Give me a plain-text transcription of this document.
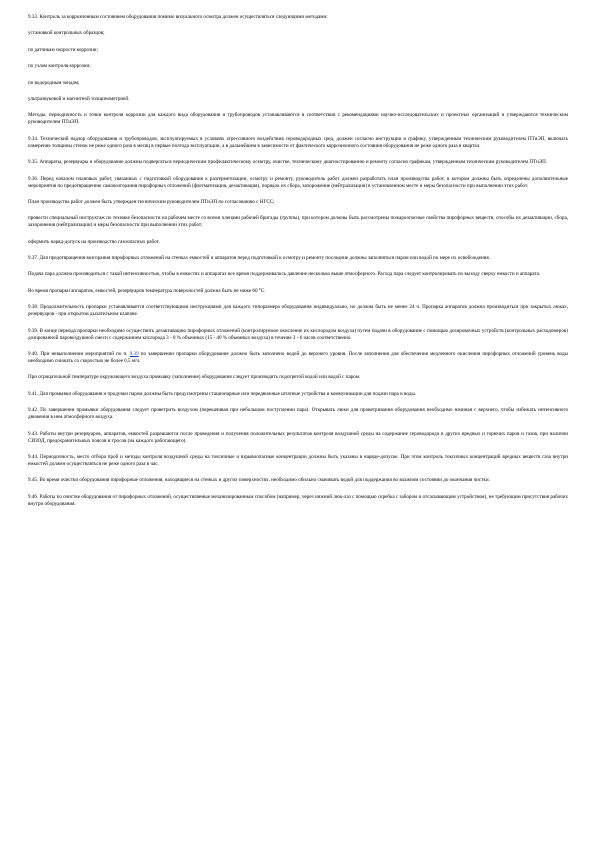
9.33. Контроль за коррозионным состоянием оборудования помимо визуального осмотра должен осуществляться следующими методами:

установкой контрольных образцов;

по датчикам скорости коррозии;

по узлам контроля коррозии;

по водородным зондам;

ультразвуковой и магнитной толщинометрией.

Методы, периодичность и точки контроля коррозии для каждого вида оборудования и трубопроводов устанавливаются в соответствии с рекомендациями научно-исследовательских и проектных организаций и утверждаются техническим руководителем ПТиЭП.

9.34. Технический надзор оборудования и трубопроводов, эксплуатируемых в условиях агрессивного воздействия сероводородных сред, должен согласно инструкции и графику, утвержденным техническим руководителем ПТиЭП, включать измерение толщины стенок не реже одного раза в месяц в первые полгода эксплуатации, а в дальнейшем в зависимости от фактического коррозионного состояния оборудования не реже одного раза в квартал.

9.35. Аппараты, резервуары и оборудование должны подвергаться периодическим профилактическому осмотру, очистке, техническому диагностированию и ремонту согласно графикам, утвержденным техническим руководителем ПТиЭП.

9.36. Перед началом плановых работ, связанных с подготовкой оборудования к разгерметизации, осмотру и ремонту, руководитель работ должен разработать план производства работ, в котором должны быть определены дополнительные мероприятия по предотвращению самовозгорания пирофорных отложений (флегматизация, дезактивация), порядок их сбора, запорожение (нейтрализация) в установленном месте и меры безопасности при выполнении этих работ.

План производства работ должен быть утвержден техническим руководителем ПТиЭП по согласованию с НГСС;

провести специальный инструктаж по технике безопасности на рабочем месте со всеми членами рабочей бригады (группы), при котором должны быть рассмотрены пожароопасные свойства пирофорных веществ, способы их дезактивации, сбора, захоронения (нейтрализации) и меры безопасности при выполнении этих работ;

оформить наряд-допуск на производство газоопасных работ.

9.37. Для предотвращения возгорания пирофорных отложений на стенках емкостей и аппаратов перед подготовкой к осмотру и ремонту последние должны заполняться паром или водой по мере их освобождения.

Подача пара должна производиться с такой интенсивностью, чтобы в емкостях и аппаратах все время поддерживалось давление несколько выше атмосферного. Расход пара следует контролировать по выходу сверху емкости и аппарата.

Во время пропарки аппаратов, емкостей, резервуаров температура поверхностей должна быть не ниже 60 °С.

9.38. Продолжительность пропарки устанавливается соответствующими инструкциями для каждого типоразмера оборудования индивидуально, но должна быть не менее 24 ч. Пропарка аппаратов должна производиться при закрытых люках, резервуаров - при открытом дыхательном клапане.

9.39. В конце периода пропарки необходимо осуществить дезактивацию пирофорных отложений (контролируемое окисление их кислородом воздуха) путем подачи в оборудование с помощью дозировочных устройств (контрольных расходомеров) дозированной паровоздушной смеси с содержанием кислорода 3 - 8 % объемных (15 - 40 % объемных воздуха) в течение 3 - 6 часов соответственно.

9.40. При невыполнении мероприятий по п. 9.39 по завершении пропарки оборудование должно быть заполнено водой до верхнего уровня. После заполнения для обеспечения медленного окисления пирофорных отложений уровень воды необходимо снижать со скоростью не более 0,5 м/ч.

При отрицательной температуре окружающего воздуха промывку (заполнение) оборудования следует производить подогретой водой или водой с паром.

9.41. Для промывки оборудования и продувки паром должны быть предусмотрены стационарные или передвижные штатные устройства и коммуникации для подачи пара и воды.

9.42. По завершении промывки оборудования следует проветрить воздухом (перекачивая при небольшом поступлении пара). Открывать люки для проветривания оборудования необходимо начиная с верхнего, чтобы избежать интенсивного движения в нем атмосферного воздуха.

9.43. Работы внутри резервуаров, аппаратов, емкостей разрешаются после проведения и получения положительных результатов контроля воздушной среды на содержание сероводорода и других вредных и горючих паров и газов, при наличии СИЗОД, предохранительных поясов и тросов (на каждого работающего).

9.44. Периодичность, место отбора проб и методы контроля воздушной среды на токсичные и взрывоопасные концентрации должны быть указаны в наряде-допуске. При этом контроль токсичных концентраций вредных веществ газа внутри емкостей должен осуществляться не реже одного раза в час.

9.45. Во время очистки оборудования пирофорные отложения, находящиеся на стенках и других поверхностях, необходимо обильно смачивать водой для поддержания во влажном состоянии до окончания чистки.

9.46. Работы по очистке оборудования от пирофорных отложений, осуществляемые механизированным способом (например, через нижний люк-лаз с помощью скребка с забором и отсасывающим устройством), не требующим присутствия рабочих внутри оборудования.
